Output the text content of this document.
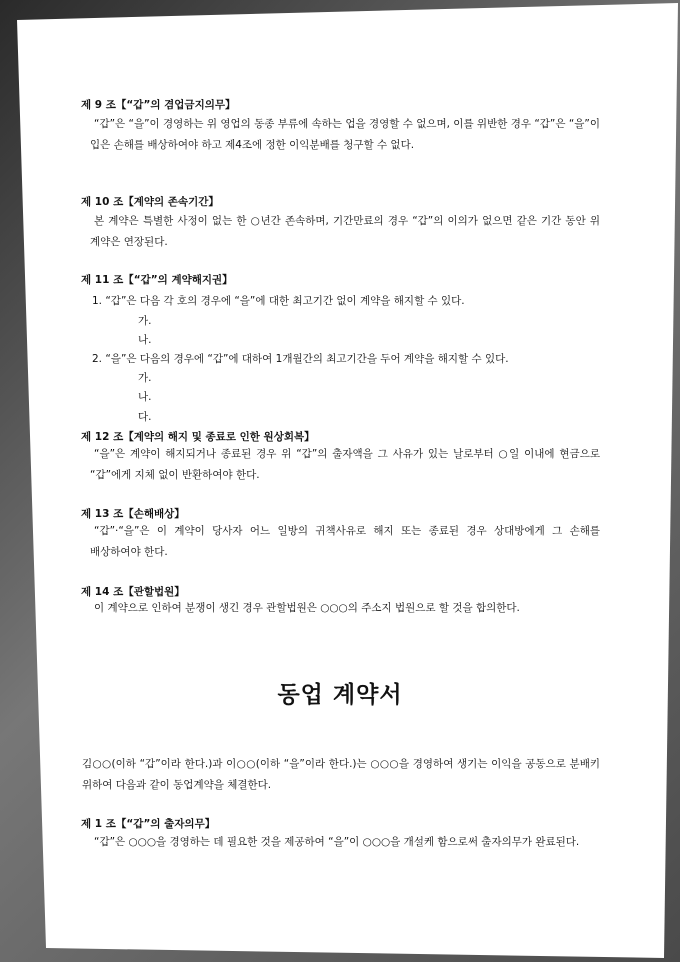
제 9 조【“갑”의 겸업금지의무】
“갑”은 “을”이 경영하는 위 영업의 동종 부류에 속하는 업을 경영할 수 없으며, 이를 위반한 경우 “갑”은 “을”이 입은 손해를 배상하여야 하고 제4조에 정한 이익분배를 청구할 수 없다.
제 10 조【계약의 존속기간】
본 계약은 특별한 사정이 없는 한 ○년간 존속하며, 기간만료의 경우 “갑”의 이의가 없으면 같은 기간 동안 위 계약은 연장된다.
제 11 조【“갑”의 계약해지권】
1. “갑”은 다음 각 호의 경우에 “을”에 대한 최고기간 없이 계약을 해지할 수 있다.
가.
나.
2. “을”은 다음의 경우에 “갑”에 대하여 1개월간의 최고기간을 두어 계약을 해지할 수 있다.
가.
나.
다.
제 12 조【계약의 해지 및 종료로 인한 원상회복】
“을”은 계약이 해지되거나 종료된 경우 위 “갑”의 출자액을 그 사유가 있는 날로부터 ○일 이내에 현금으로 “갑”에게 지체 없이 반환하여야 한다.
제 13 조【손해배상】
“갑”·“을”은 이 계약이 당사자 어느 일방의 귀책사유로 해지 또는 종료된 경우 상대방에게 그 손해를 배상하여야 한다.
제 14 조【관할법원】
이 계약으로 인하여 분쟁이 생긴 경우 관할법원은 ○○○의 주소지 법원으로 할 것을 합의한다.
동업 계약서
김○○(이하 “갑”이라 한다.)과 이○○(이하 “을”이라 한다.)는 ○○○을 경영하여 생기는 이익을 공동으로 분배키 위하여 다음과 같이 동업계약을 체결한다.
제 1 조【“갑”의 출자의무】
“갑”은 ○○○을 경영하는 데 필요한 것을 제공하여 “을”이 ○○○을 개설케 함으로써 출자의무가 완료된다.
